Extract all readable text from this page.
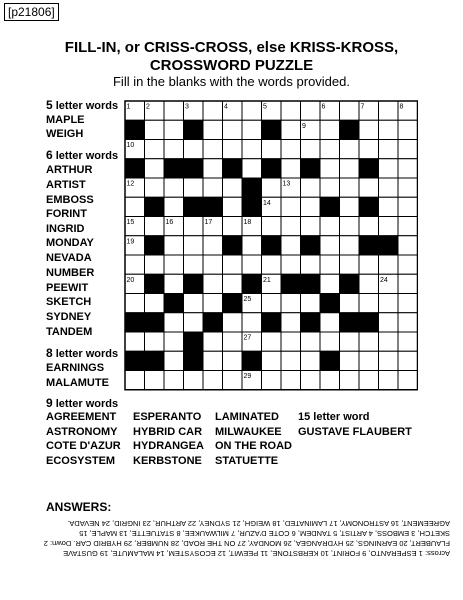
[p21806]
FILL-IN, or CRISS-CROSS, else KRISS-KROSS,
CROSSWORD PUZZLE
Fill in the blanks with the words provided.
5 letter words
MAPLE
WEIGH
6 letter words
ARTHUR
ARTIST
EMBOSS
FORINT
INGRID
MONDAY
NEVADA
NUMBER
PEEWIT
SKETCH
SYDNEY
TANDEM
8 letter words
EARNINGS
MALAMUTE
9 letter words
AGREEMENT
ASTRONOMY
COTE D'AZUR
ECOSYSTEM
ESPERANTO
HYBRID CAR
HYDRANGEA
KERBSTONE
LAMINATED
MILWAUKEE
ON THE ROAD
STATUETTE
15 letter word
GUSTAVE FLAUBERT
1 2	3	4	5	6	7	8
9
10
11
12	13
14
15	16	17	18
19
20	21	22	23	24
25
26
27
28
29
ANSWERS:
Across: 1 ESPERANTO, 9 FORINT, 10 KERBSTONE, 11 PEEWIT, 12 ECOSYSTEM, 14 MALAMUTE, 19 GUSTAVE FLAUBERT, 20 EARNINGS, 25 HYDRANGEA, 26 MONDAY, 27 ON THE ROAD, 28 NUMBER, 29 HYBRID CAR. Down: 2 SKETCH, 3 EMBOSS, 4 ARTIST, 5 TANDEM, 6 COTE D'AZUR, 7 MILWAUKEE, 8 STATUETTE, 13 MAPLE, 15 AGREEMENT, 16 ASTRONOMY, 17 LAMINATED, 18 WEIGH, 21 SYDNEY, 22 ARTHUR, 23 INGRID, 24 NEVADA.
